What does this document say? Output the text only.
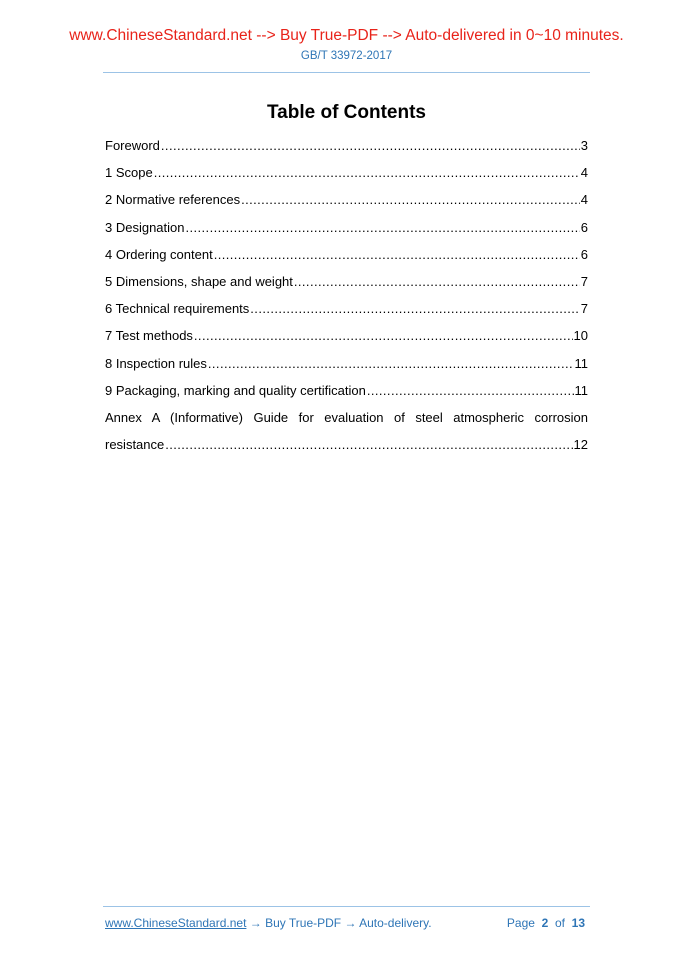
www.ChineseStandard.net --> Buy True-PDF --> Auto-delivered in 0~10 minutes.
GB/T 33972-2017
Table of Contents
Foreword .....	3
1 Scope .....	4
2 Normative references .....	4
3 Designation .....	6
4 Ordering content .....	6
5 Dimensions, shape and weight .....	7
6 Technical requirements .....	7
7 Test methods .....	10
8 Inspection rules .....	11
9 Packaging, marking and quality certification .....	11
Annex A (Informative) Guide for evaluation of steel atmospheric corrosion
resistance .....	12
www.ChineseStandard.net → Buy True-PDF → Auto-delivery.	Page 2 of 13
